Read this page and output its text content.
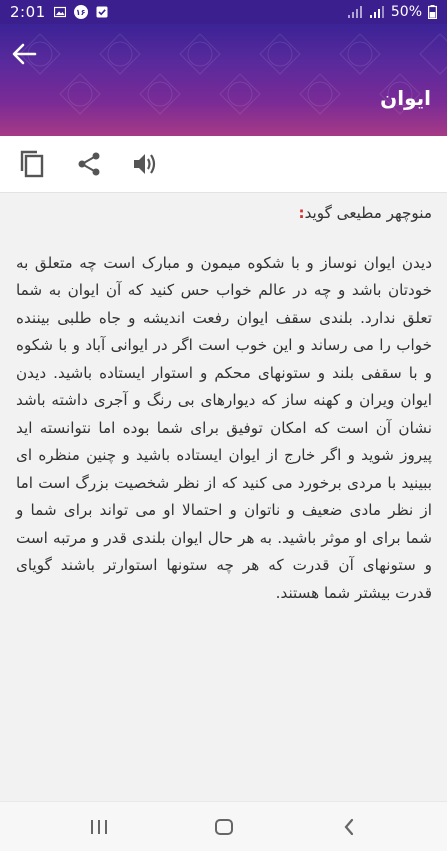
2:01	۱۶	50%
ایوان

منوچهر مطیعی گوید:

دیدن ایوان نوساز و با شکوه میمون و مبارک است چه متعلق به خودتان باشد و چه در عالم خواب حس کنید که آن ایوان به شما تعلق ندارد. بلندی سقف ایوان رفعت اندیشه و جاه طلبی بیننده خواب را می رساند و این خوب است اگر در ایوانی آباد و با شکوه و با سقفی بلند و ستونهای محکم و استوار ایستاده باشید. دیدن ایوان ویران و کهنه ساز که دیوارهای بی رنگ و آجری داشته باشد نشان آن است که امکان توفیق برای شما بوده اما نتوانسته اید پیروز شوید و اگر خارج از ایوان ایستاده باشید و چنین منظره ای ببینید با مردی برخورد می کنید که از نظر شخصیت بزرگ است اما از نظر مادی ضعیف و ناتوان و احتمالا او می تواند برای شما و شما برای او موثر باشید. به هر حال ایوان بلندی قدر و مرتبه است و ستونهای آن قدرت که هر چه ستونها استوارتر باشند گویای قدرت بیشتر شما هستند.
